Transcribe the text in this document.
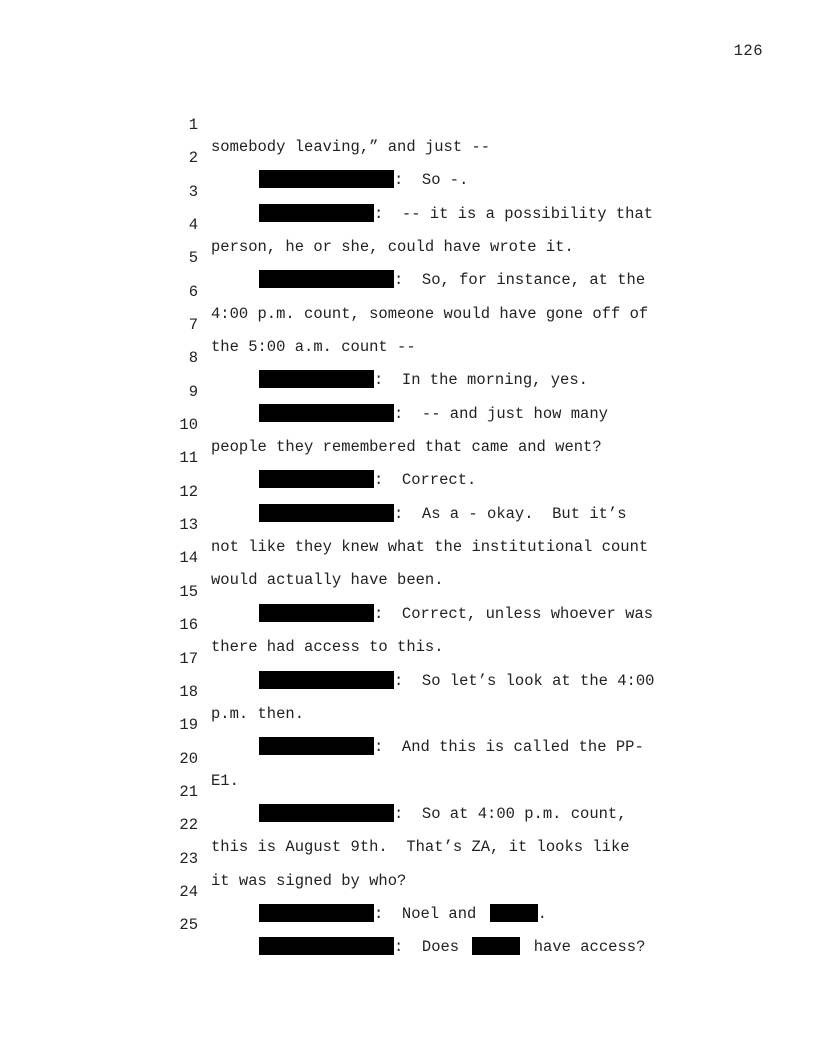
126

1

somebody leaving,” and just --

2

:  So -.

3

:  -- it is a possibility that

4

person, he or she, could have wrote it.

5

:  So, for instance, at the

6

4:00 p.m. count, someone would have gone off of

7

the 5:00 a.m. count --

8

:  In the morning, yes.

9

:  -- and just how many

10

people they remembered that came and went?

11

:  Correct.

12

:  As a - okay.  But it’s

13

not like they knew what the institutional count

14

would actually have been.

15

:  Correct, unless whoever was

16

there had access to this.

17

:  So let’s look at the 4:00

18

p.m. then.

19

:  And this is called the PP-

20

E1.

21

:  So at 4:00 p.m. count,

22

this is August 9th.  That’s ZA, it looks like

23

it was signed by who?

24

:  Noel and	.

25

:  Does	have access?
